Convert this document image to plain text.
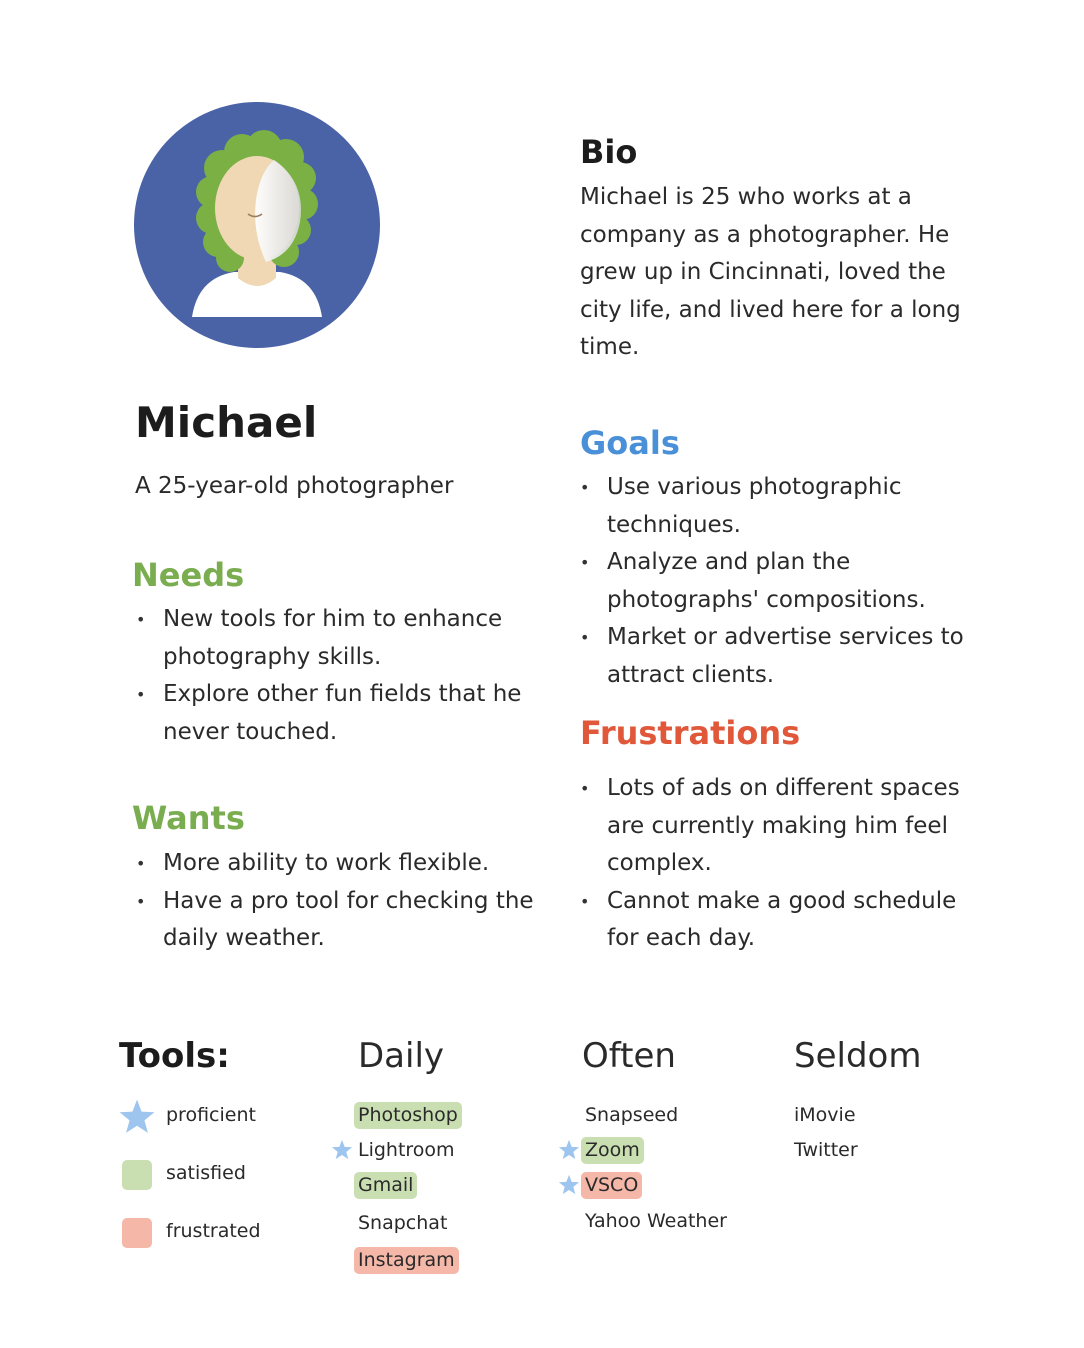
Michael
A 25-year-old photographer
Needs
• New tools for him to enhance photography skills.
• Explore other fun fields that he never touched.
Wants
• More ability to work flexible.
• Have a pro tool for checking the daily weather.
Bio
Michael is 25 who works at a company as a photographer. He grew up in Cincinnati, loved the city life, and lived here for a long time.
Goals
• Use various photographic techniques.
• Analyze and plan the photographs' compositions.
• Market or advertise services to attract clients.
Frustrations
• Lots of ads on different spaces are currently making him feel complex.
• Cannot make a good schedule for each day.
Tools:
proficient
satisfied
frustrated
Daily	Often	Seldom
Photoshop
Lightroom
Gmail
Snapchat
Instagram
Snapseed
Zoom
VSCO
Yahoo Weather
iMovie
Twitter
